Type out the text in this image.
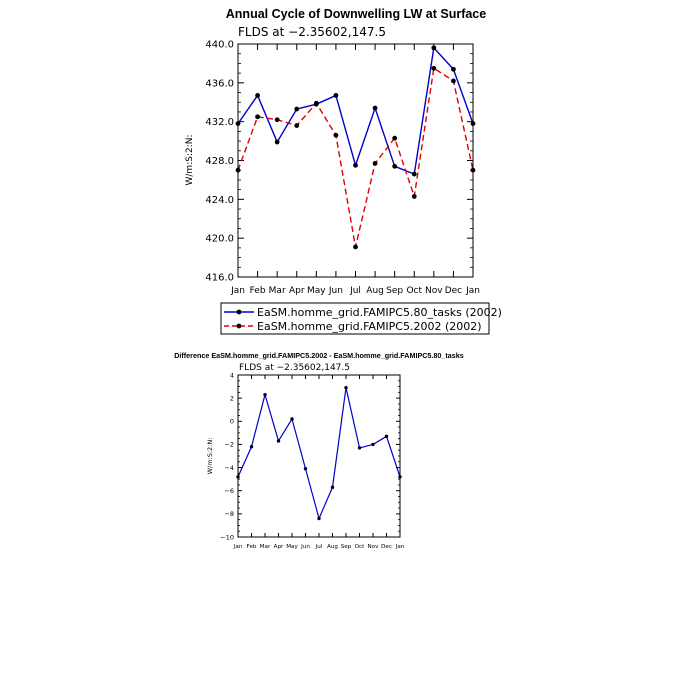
Annual Cycle of Downwelling LW at Surface
FLDS at −2.35602,147.5
W/m:S:2:N:
416.0
420.0
424.0
428.0
432.0
436.0
440.0
Jan Feb Mar Apr May Jun Jul Aug Sep Oct Nov Dec Jan
EaSM.homme_grid.FAMIPC5.80_tasks (2002)
EaSM.homme_grid.FAMIPC5.2002 (2002)
Difference EaSM.homme_grid.FAMIPC5.2002 - EaSM.homme_grid.FAMIPC5.80_tasks
FLDS at −2.35602,147.5
W/m:S:2:N:
−10
−8
−6
−4
−2
0
2
4
Jan Feb Mar Apr May Jun Jul Aug Sep Oct Nov Dec Jan
